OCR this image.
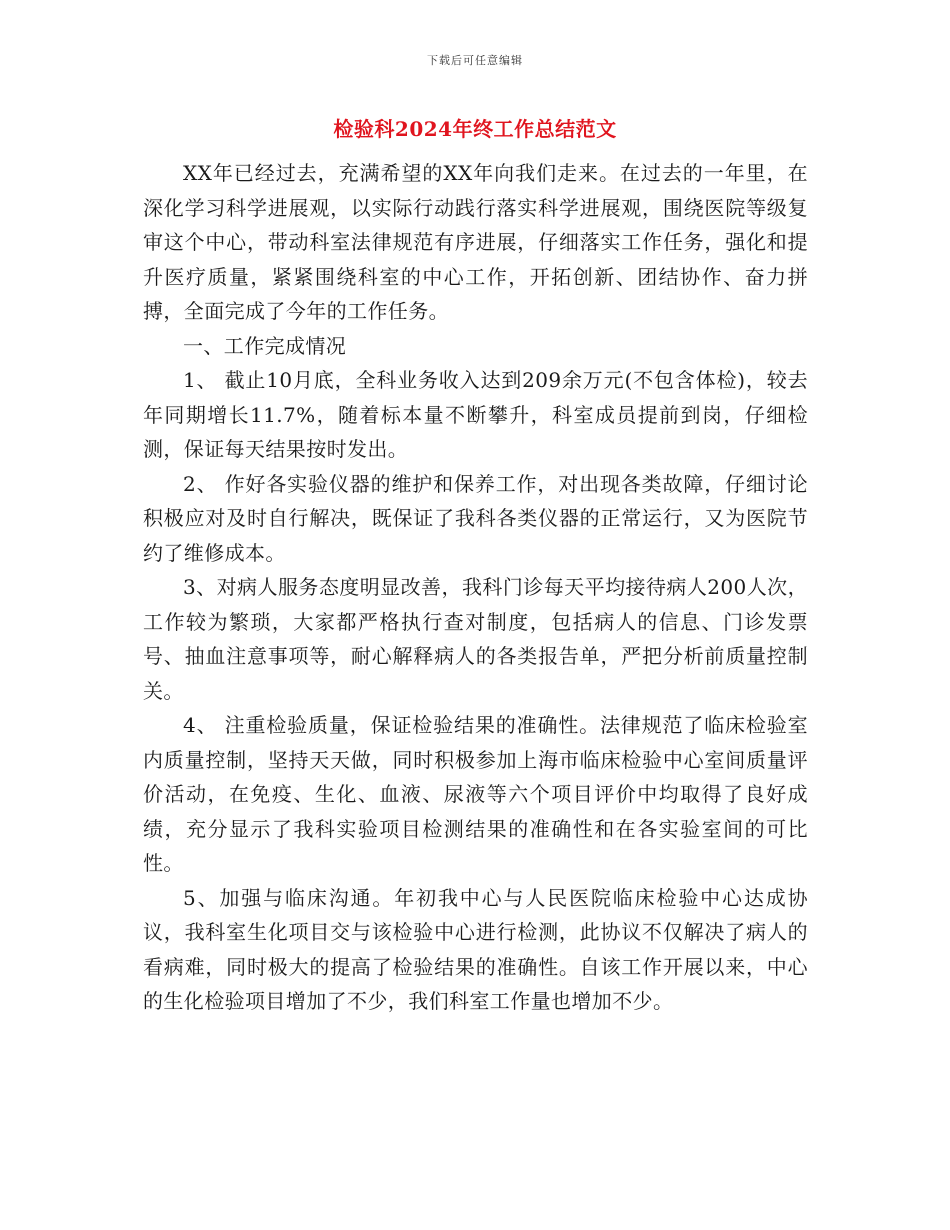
下载后可任意编辑
检验科2024年终工作总结范文

XX年已经过去，充满希望的XX年向我们走来。在过去的一年里，在深化学习科学进展观，以实际行动践行落实科学进展观，围绕医院等级复审这个中心，带动科室法律规范有序进展，仔细落实工作任务，强化和提升医疗质量，紧紧围绕科室的中心工作，开拓创新、团结协作、奋力拼搏，全面完成了今年的工作任务。

一、工作完成情况

1、 截止10月底，全科业务收入达到209余万元(不包含体检)，较去年同期增长11.7%，随着标本量不断攀升，科室成员提前到岗，仔细检测，保证每天结果按时发出。

2、 作好各实验仪器的维护和保养工作，对出现各类故障，仔细讨论积极应对及时自行解决，既保证了我科各类仪器的正常运行，又为医院节约了维修成本。

3、对病人服务态度明显改善，我科门诊每天平均接待病人200人次，工作较为繁琐，大家都严格执行查对制度，包括病人的信息、门诊发票号、抽血注意事项等，耐心解释病人的各类报告单，严把分析前质量控制关。

4、 注重检验质量，保证检验结果的准确性。法律规范了临床检验室内质量控制，坚持天天做，同时积极参加上海市临床检验中心室间质量评价活动，在免疫、生化、血液、尿液等六个项目评价中均取得了良好成绩，充分显示了我科实验项目检测结果的准确性和在各实验室间的可比性。

5、加强与临床沟通。年初我中心与人民医院临床检验中心达成协议，我科室生化项目交与该检验中心进行检测，此协议不仅解决了病人的看病难，同时极大的提高了检验结果的准确性。自该工作开展以来，中心的生化检验项目增加了不少，我们科室工作量也增加不少。
